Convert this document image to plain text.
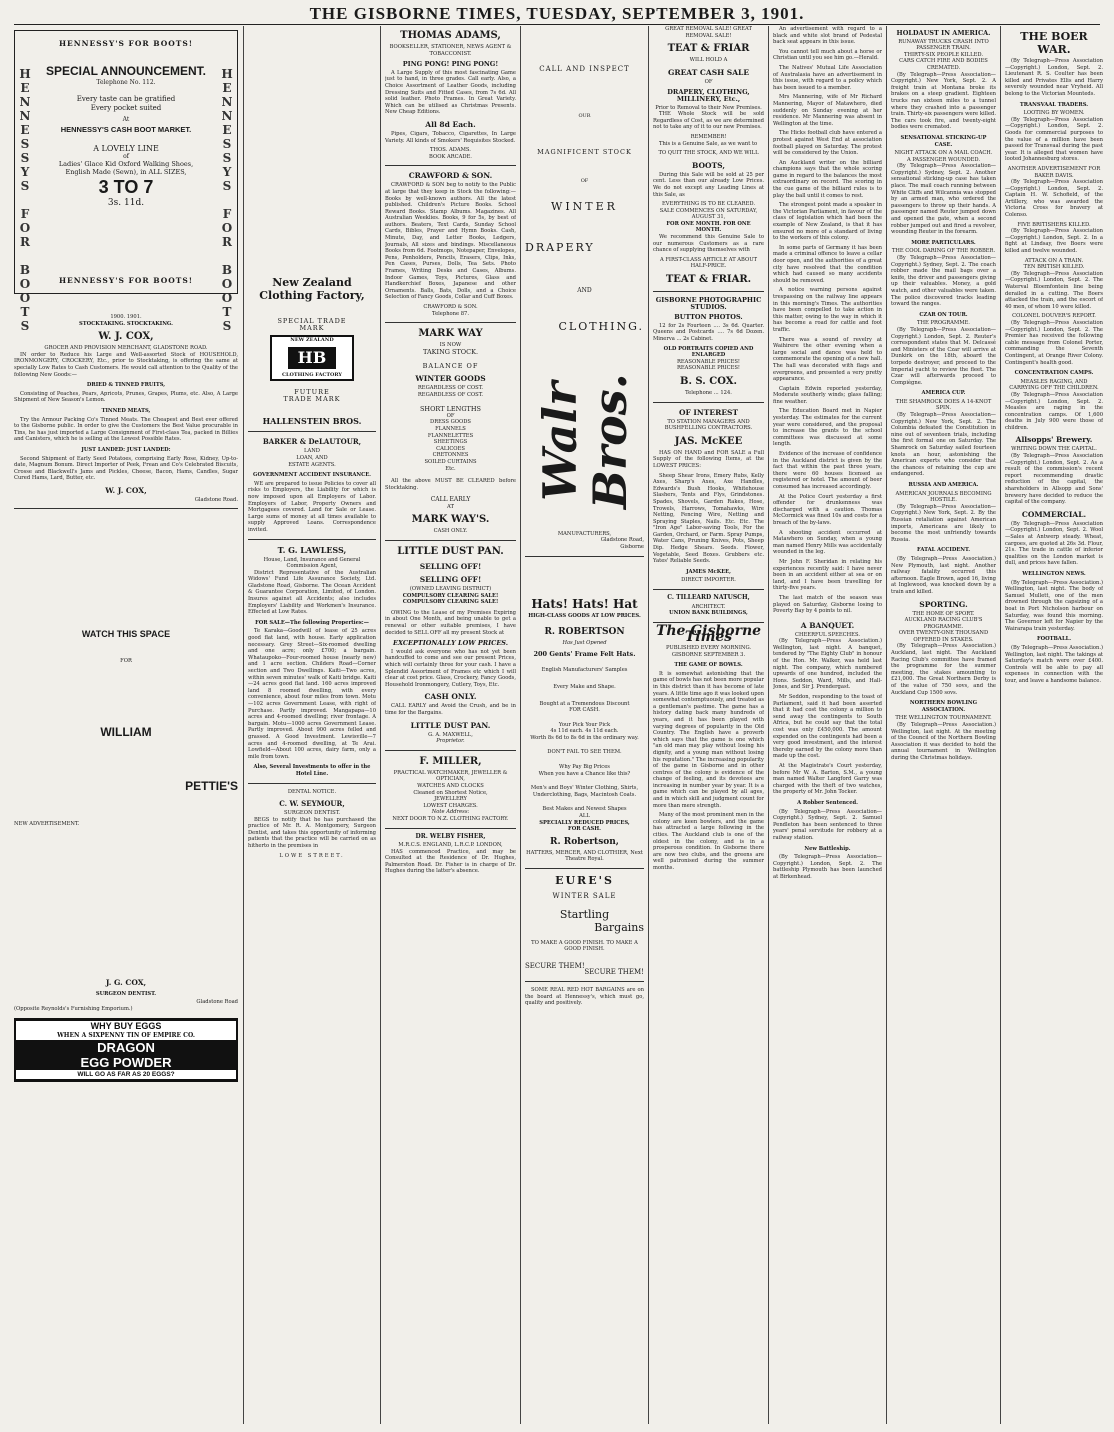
THE GISBORNE TIMES, TUESDAY, SEPTEMBER 3, 1901.
HENNESSY'S FOR BOOTS!
H E N N E S S Y S

F O R

B O O T S
H E N N E S S Y S

F O R

B O O T S
SPECIAL ANNOUNCEMENT.
Telephone No. 112.
Every taste can be gratified
Every pocket suited
At
HENNESSY'S CASH BOOT MARKET.
A LOVELY LINE
of
Ladies' Glace Kid Oxford Walking Shoes,
English Made (Sewn), in ALL SIZES,
3 TO 7
3s. 11d.
HENNESSY'S FOR BOOTS!
1900. 1901.
STOCKTAKING. STOCKTAKING.
W. J. COX,
GROCER AND PROVISION MERCHANT, GLADSTONE ROAD.

IN order to Reduce his Large and Well-assorted Stock of HOUSEHOLD, IRONMONGERY, CROCKERY, Etc., prior to Stocktaking, is offering the same at specially Low Rates to Cash Customers. He would call attention to the Quality of the following New Goods:—

DRIED & TINNED FRUITS,

Consisting of Peaches, Pears, Apricots, Prunes, Grapes, Plums, etc. Also, A Large Shipment of New Season's Lemon.

TINNED MEATS,

Try the Armour Packing Co's Tinned Meats. The Cheapest and Best ever offered to the Gisborne public. In order to give the Customers the Best Value procurable in Tins, he has just imported a Large Consignment of First-class Tea, packed in Billies and Canisters, which he is selling at the Lowest Possible Rates.

JUST LANDED: JUST LANDED:

Second Shipment of Early Seed Potatoes, comprising Early Rose, Kidney, Up-to-date, Magnum Bonum. Direct Importer of Peek, Frean and Co's Celebrated Biscuits, Crosse and Blackwell's Jams and Pickles, Cheese, Bacon, Hams, Candles, Sugar Cured Hams, Lard, Butter, etc.

W. J. COX,
Gladstone Road.
WATCH THIS SPACE
FOR
WILLIAM
PETTIE'S
NEW ADVERTISEMENT.
J. G. COX,
SURGEON DENTIST.
Gladstone Road
(Opposite Reynolds's Furnishing Emporium.)
WHY BUY EGGS
WHEN A SIXPENNY TIN OF EMPIRE CO.
DRAGON
EGG POWDER
WILL GO AS FAR AS 20 EGGS?
New Zealand Clothing Factory,
SPECIAL TRADE
MARK
NEW ZEALAND
HB
CLOTHING FACTORY
FUTURE
TRADE MARK
HALLENSTEIN BROS.
BARKER & DeLAUTOUR,
LAND
LOAN, AND
ESTATE AGENTS.
GOVERNMENT ACCIDENT INSURANCE.

WE are prepared to issue Policies to cover all risks to Employers, the Liability for which is now imposed upon all Employers of Labor. Employers of Labor, Property Owners and Mortgagees covered. Land for Sale or Lease. Large sums of money at all times available to supply Approved Loans. Correspondence invited.

T. G. LAWLESS,
House, Land, Insurance and General Commission Agent,

District Representative of the Australian Widows' Fund Life Assurance Society, Ltd. Gladstone Road, Gisborne. The Ocean Accident & Guarantee Corporation, Limited, of London. Insures against all Accidents; also includes Employers' Liability and Workmen's Insurance. Effected at Low Rates.

FOR SALE—The following Properties:—

Te Karaka—Goodwill of lease of 25 acres good flat land, with house. Early application necessary. Grey Street—Six-roomed dwelling and one acre; only £700; a bargain. Whataupoko—Four-roomed house (nearly new) and 1 acre section. Childers Road—Corner section and Two Dwellings. Kaiti—Two acres, within seven minutes' walk of Kaiti bridge. Kaiti—24 acres good flat land. 160 acres improved land 8 roomed dwelling, with every convenience, about four miles from town. Motu—102 acres Government Lease, with right of Purchase. Partly improved. Mangapapa—10 acres and 4-roomed dwelling; river frontage. A bargain. Motu—1000 acres Government Lease. Partly improved. About 900 acres felled and grassed. A Good Investment. Lewisville—7 acres and 4-roomed dwelling, at Te Arai. Lowfield—About 100 acres, dairy farm, only a mile from town.

Also, Several Investments to offer in the Hotel Line.
DENTAL NOTICE.
C. W. SEYMOUR,
SURGEON DENTIST.

BEGS to notify that he has purchased the practice of Mr. R. A. Montgomery, Surgeon Dentist, and takes this opportunity of informing patients that the practice will be carried on as hitherto in the premises in

LOWE STREET.
THOMAS ADAMS,
BOOKSELLER, STATIONER, NEWS AGENT & TOBACCONIST.
PING PONG! PING PONG!

A Large Supply of this most fascinating Game just to hand, in three grades. Call early. Also, a Choice Assortment of Leather Goods, including Dressing Suits and Fitted Cases, from 7s 6d. All solid leather. Photo Frames. In Great Variety. Which can be utilised as Christmas Presents. New Cheap Editions.

All 8d Each.

Pipes, Cigars, Tobacco, Cigarettes, In Large Variety. All kinds of Smokers' Requisites Stocked.

THOS. ADAMS.
BOOK ARCADE.
CRAWFORD & SON.

CRAWFORD & SON beg to notify to the Public at large that they keep in Stock the following:— Books by well-known authors. All the latest published. Children's Picture Books. School Reward Books. Stamp Albums. Magazines. All Australian Weeklies. Books, 9 for 5s, by best of authors. Beaters, Text Cards, Sunday School Cards, Bibles, Prayer and Hymn Books. Cash, Minute, Day, and Letter Books, Ledgers, Journals, All sizes and bindings. Miscellaneous Books from 6d. Footmops, Notepaper, Envelopes, Pens, Penholders, Pencils, Erasers, Clips, Inks, Pen Cases, Purses, Dolls, Tea Sets. Photo Frames, Writing Desks and Cases, Albums. Indoor Games, Toys, Pictures, Glass and Handkerchief Boxes, Japanese and other Ornaments. Balls, Bats, Dolls, and a Choice Selection of Fancy Goods, Collar and Cuff Boxes.

CRAWFORD & SON.
Telephone 87.
MARK WAY
IS NOW
TAKING STOCK.
BALANCE OF
WINTER GOODS
REGARDLESS OF COST.
REGARDLESS OF COST.
SHORT LENGTHS
OF
DRESS GOODS
FLANNELS
FLANNELETTES
SHEETINGS
CALICOES
CRETONNES
SOILED CURTAINS
Etc.

All the above MUST BE CLEARED before Stocktaking.

CALL EARLY
AT
MARK WAY'S.
CASH ONLY.
LITTLE DUST PAN.
SELLING OFF!
SELLING OFF!
(OWNED LEAVING DISTRICT)
COMPULSORY CLEARING SALE!
COMPULSORY CLEARING SALE!

OWING to the Lease of my Premises Expiring in about One Month, and being unable to get a renewal or other suitable premises, I have decided to SELL OFF all my present Stock at

EXCEPTIONALLY LOW PRICES.

I would ask everyone who has not yet been handcuffed to come and see our present Prices, which will certainly three for your cash. I have a Splendid Assortment of Frames etc which I will clear at cost price. Glass, Crockery, Fancy Goods, Household Ironmongery, Cutlery, Toys, Etc.

CASH ONLY.

CALL EARLY and Avoid the Crush, and be in time for the Bargains.

LITTLE DUST PAN.
G. A. MAXWELL,
Proprietor.
F. MILLER,
PRACTICAL WATCHMAKER, JEWELLER & OPTICIAN,
WATCHES AND CLOCKS
Cleaned on Shortest Notice,
JEWELLERY
LOWEST CHARGES.
Note Address:
NEXT DOOR TO N.Z. CLOTHING FACTORY.
DR. WELBY FISHER,
M.R.C.S. ENGLAND, L.R.C.P. LONDON,

HAS commenced Practice, and may be Consulted at the Residence of Dr. Hughes, Palmerston Road. Dr. Fisher is in charge of Dr. Hughes during the latter's absence.

CALL AND INSPECT
OUR
MAGNIFICENT STOCK
OF
WINTER
DRAPERY
AND
CLOTHING.
Walr Bros.
MANUFACTURERS,
Gladstone Road,
Gisborne
Hats! Hats! Hat
HIGH-CLASS GOODS AT LOW PRICES.
R. ROBERTSON
Has Just Opened
200 Gents' Frame Felt Hats.
English Manufacturers' Samples
Every Make and Shape.
Bought at a Tremendous Discount
FOR CASH.
Your Pick Your Pick
4s 11d each. 4s 11d each.
Worth 8s 6d to 8s 6d in the ordinary way.
DON'T FAIL TO SEE THEM.
Why Pay Big Prices
When you have a Chance like this?
Men's and Boys' Winter Clothing, Shirts, Underclothing, Bags, Macintosh Coats.
Best Makes and Newest Shapes
ALL
SPECIALLY REDUCED PRICES,
FOR CASH.
R. Robertson,
HATTERS, MERCER, AND CLOTHIER, Next Theatre Royal.
EURE'S
WINTER SALE
Startling
Bargains
TO MAKE A GOOD FINISH. TO MAKE A GOOD FINISH.
SECURE THEM!
SECURE THEM!

SOME REAL RED HOT BARGAINS are on the board at Hennessy's, which must go, quality and positively.

GREAT REMOVAL SALE! GREAT REMOVAL SALE!
TEAT & FRIAR
WILL HOLD A
GREAT CASH SALE
OF
DRAPERY, CLOTHING, MILLINERY, Etc.,
Prior to Removal to their New Premises.

THE Whole Stock will be sold Regardless of Cost, as we are determined not to take any of it to our new Premises.

REMEMBER!

This is a Genuine Sale, as we want to

TO QUIT THE STOCK, AND WE WILL
BOOTS,

During this Sale will be sold at 25 per cent. Less than our already Low Prices. We do not except any Leading Lines at this Sale, as

EVERYTHING IS TO BE CLEARED.
SALE COMMENCES ON SATURDAY, AUGUST 31,
FOR ONE MONTH. FOR ONE MONTH.

We recommend this Genuine Sale to our numerous Customers as a rare chance of supplying themselves with

A FIRST-CLASS ARTICLE AT ABOUT HALF-PRICE.
TEAT & FRIAR.
GISBORNE PHOTOGRAPHIC STUDIOS.
BUTTON PHOTOS.

12 for 2s Fourteen .... 3s 6d. Quarter. Queens and Postcards .... 7s 6d Dozen. Minerva ... 2s Cabinet.

OLD PORTRAITS COPIED AND ENLARGED
REASONABLE PRICES!
REASONABLE PRICES!
B. S. COX.
Telephone ... 124.
OF INTEREST
TO STATION MANAGERS AND BUSHFELLING CONTRACTORS.
JAS. McKEE

HAS ON HAND and FOR SALE a Full Supply of the following Items, at the LOWEST PRICES:

Sheep Shear Irons, Emery Rubs, Kelly Axes, Sharp's Axes, Axe Handles, Edwards's Bush Hooks, Whitehouse Slashers, Tents and Flys, Grindstones. Spades, Shovels, Garden Rakes, Hose, Trowels, Harrows, Tomahawks, Wire Netting, Fencing Wire, Netting and Spraying Staples, Nails. Etc. Etc. The "Iron Age" Labor-saving Tools, For the Garden, Orchard, or Farm. Spray Pumps, Water Cans, Pruning Knives, Pots, Sheep Dip. Hedge Shears. Seeds. Flower, Vegetable, Seed Boxes. Grubbers etc. Yates' Reliable Seeds.

JAMES McKEE,
DIRECT IMPORTER.
C. TILLEARD NATUSCH,
ARCHITECT.
UNION BANK BUILDINGS,
The Gisborne Times
PUBLISHED EVERY MORNING.
GISBORNE SEPTEMBER 3.
THE GAME OF BOWLS.

It is somewhat astonishing that the game of bowls has not been more popular in this district than it has become of late years. A little time ago it was looked upon somewhat contemptuously, and treated as a gentleman's pastime. The game has a history dating back many hundreds of years, and it has been played with varying degrees of popularity in the Old Country. The English have a proverb which says that the game is one which "an old man may play without losing his dignity, and a young man without losing his reputation." The increasing popularity of the game in Gisborne and in other centres of the colony is evidence of the change of feeling, and its devotees are increasing in number year by year. It is a game which can be played by all ages, and in which skill and judgment count for more than mere strength.

Many of the most prominent men in the colony are keen bowlers, and the game has attracted a large following in the cities. The Auckland club is one of the oldest in the colony, and is in a prosperous condition. In Gisborne there are now two clubs, and the greens are well patronised during the summer months.

An advertisement with regard to a black and white slot brand of Pedestal back seat appears in this issue.

You cannot tell much about a horse or Christian until you see him go.—Herald.

The Natives' Mutual Life Association of Australasia have an advertisement in this issue, with regard to a policy which has been issued to a member.

Mrs Mannering, wife of Mr Richard Mannering, Mayor of Matawhero, died suddenly on Sunday evening at her residence. Mr Mannering was absent in Wellington at the time.

The Hicks football club have entered a protest against West End at association football played on Saturday. The protest will be considered by the Union.

An Auckland writer on the billiard champions says that the whole scoring game in regard to the balances the most extraordinary on record. The scoring in the cue game of the billiard rules is to play the ball until it comes to rest.

The strongest point made a speaker in the Victorian Parliament, in favour of the class of legislation which had been the example of New Zealand, is that it has ensured no more of a standard of living to the workers of this colony.

In some parts of Germany it has been made a criminal offence to leave a cellar door open, and the authorities of a great city have resolved that the condition which had caused so many accidents should be removed.

A notice warning persons against trespassing on the railway line appears in this morning's Times. The authorities have been compelled to take action in this matter, owing to the way in which it has become a road for cattle and foot traffic.

There was a sound of revelry at Waihirere the other evening when a large social and dance was held to commemorate the opening of a new hall. The hall was decorated with flags and evergreens, and presented a very pretty appearance.

Captain Edwin reported yesterday, Moderate southerly winds; glass falling; fine weather.

The Education Board met in Napier yesterday. The estimates for the current year were considered, and the proposal to increase the grants to the school committees was discussed at some length.

Evidence of the increase of confidence in the Auckland district is given by the fact that within the past three years, there were 60 houses licensed as registered or hotel. The amount of beer consumed has increased accordingly.

At the Police Court yesterday a first offender for drunkenness was discharged with a caution. Thomas McCormick was fined 10s and costs for a breach of the by-laws.

A shooting accident occurred at Matawhero on Sunday, when a young man named Henry Mills was accidentally wounded in the leg.

Mr John F. Sheridan in relating his experiences recently said: I have never been in an accident either at sea or on land, and I have been travelling for thirty-five years.

The last match of the season was played on Saturday, Gisborne losing to Poverty Bay by 4 points to nil.

A BANQUET.
CHEERFUL SPEECHES.

(By Telegraph—Press Association.) Wellington, last night. A banquet, tendered by "The Eighty Club" in honour of the Hon. Mr. Walker, was held last night. The company, which numbered upwards of one hundred, included the Hons. Seddon, Ward, Mills, and Hall-Jones, and Sir J. Prendergast.

Mr Seddon, responding to the toast of Parliament, said it had been asserted that it had cost the colony a million to send away the contingents to South Africa, but he could say that the total cost was only £450,000. The amount expended on the contingents had been a very good investment, and the interest thereby earned by the colony more than made up the cost.

At the Magistrate's Court yesterday, before Mr W. A. Barton, S.M., a young man named Walter Langford Garry was charged with the theft of two watches, the property of Mr. John Tocker.

A Robber Sentenced.

(By Telegraph—Press Association—Copyright.) Sydney, Sept. 2. Samuel Pendleton has been sentenced to three years' penal servitude for robbery at a railway station.

New Battleship.

(By Telegraph—Press Association—Copyright.) London, Sept. 2. The battleship Plymouth has been launched at Birkenhead.

HOLDAUST IN AMERICA.
RUNAWAY TRUCKS CRASH INTO PASSENGER TRAIN.
THIRTY-SIX PEOPLE KILLED.
CARS CATCH FIRE AND BODIES CREMATED.

(By Telegraph—Press Association—Copyright.) New York, Sept. 2. A freight train at Montana broke its brakes on a steep gradient. Eighteen trucks ran sixteen miles to a tunnel where they crashed into a passenger train. Thirty-six passengers were killed. The cars took fire, and twenty-eight bodies were cremated.

SENSATIONAL STICKING-UP CASE.
NIGHT ATTACK ON A MAIL COACH.
A PASSENGER WOUNDED.

(By Telegraph—Press Association—Copyright.) Sydney, Sept. 2. Another sensational sticking-up case has taken place. The mail coach running between White Cliffs and Wilcannia was stopped by an armed man, who ordered the passengers to throw up their hands. A passenger named Reuter jumped down and opened the gate, when a second robber jumped out and fired a revolver, wounding Reuter in the forearm.

MORE PARTICULARS.
THE COOL DARING OF THE ROBBER.

(By Telegraph—Press Association—Copyright.) Sydney, Sept. 2. The coach robber made the mail bags over a knife, the driver and passengers giving up their valuables. Money, a gold watch, and other valuables were taken. The police discovered tracks leading toward the ranges.

CZAR ON TOUR.
THE PROGRAMME.

(By Telegraph—Press Association—Copyright.) London, Sept. 2. Reuter's correspondent states that M. Delcassé and Ministers of the Czar will arrive at Dunkirk on the 18th, aboard the torpedo destroyer, and proceed to the Imperial yacht to review the fleet. The Czar will afterwards proceed to Compiègne.

AMERICA CUP.
THE SHAMROCK DOES A 14-KNOT SPIN.

(By Telegraph—Press Association—Copyright.) New York, Sept. 2. The Columbia defeated the Constitution in nine out of seventeen trials, including the first formal one on Saturday. The Shamrock on Saturday sailed fourteen knots an hour, astonishing the American experts who consider that the chances of retaining the cup are endangered.

RUSSIA AND AMERICA.
AMERICAN JOURNALS BECOMING HOSTILE.

(By Telegraph—Press Association—Copyright.) New York, Sept. 2. By the Russian retaliation against American imports, Americans are likely to become the most unfriendly towards Russia.

FATAL ACCIDENT.

(By Telegraph—Press Association.) New Plymouth, last night. Another railway fatality occurred this afternoon. Eagle Brown, aged 16, living at Inglewood, was knocked down by a train and killed.

SPORTING.
THE HOME OF SPORT.
AUCKLAND RACING CLUB'S PROGRAMME.
OVER TWENTY-ONE THOUSAND OFFERED IN STAKES.

(By Telegraph—Press Association.) Auckland, last night. The Auckland Racing Club's committee have framed the programme for the summer meeting, the stakes amounting to £21,000. The Great Northern Derby is of the value of 750 sovs, and the Auckland Cup 1500 sovs.

NORTHERN BOWLING ASSOCIATION.
THE WELLINGTON TOURNAMENT.

(By Telegraph—Press Association.) Wellington, last night. At the meeting of the Council of the Northern Bowling Association it was decided to hold the annual tournament in Wellington during the Christmas holidays.

THE BOER WAR.

(By Telegraph—Press Association—Copyright.) London, Sept. 2. Lieutenant R. S. Coulter has been killed and Privates Ellis and Harry severely wounded near Vryheid. All belong to the Victorian Mounteds.

TRANSVAAL TRADERS.
LOOTING BY WOMEN.

(By Telegraph—Press Association—Copyright.) London, Sept. 2. Goods for commercial purposes to the value of a million have been passed for Transvaal during the past year. It is alleged that women have looted Johannesburg stores.

ANOTHER ADVERTISEMENT FOR BAKER DAVIS.

(By Telegraph—Press Association—Copyright.) London, Sept. 2. Captain H. W. Schofield, of the Artillery, who was awarded the Victoria Cross for bravery at Colenso.

FIVE BRITISHERS KILLED.

(By Telegraph—Press Association—Copyright.) London, Sept. 2. In a fight at Lindsay, five Boers were killed and twelve wounded.

ATTACK ON A TRAIN.
TEN BRITISH KILLED.

(By Telegraph—Press Association—Copyright.) London, Sept. 2. The Waterval Bloemfontein line being derailed in a cutting. The Boers attacked the train, and the escort of 40 men, of whom 10 were killed.

COLONEL DOUVER'S REPORT.

(By Telegraph—Press Association—Copyright.) London, Sept. 2. The Premier has received the following cable message from Colonel Porter, commanding the Seventh Contingent, at Orange River Colony. Contingent's health good.

CONCENTRATION CAMPS.
MEASLES RAGING, AND CARRYING OFF THE CHILDREN.

(By Telegraph—Press Association—Copyright.) London, Sept. 2. Measles are raging in the concentration camps. Of 1,600 deaths in July 900 were those of children.

Allsopps' Brewery.
WRITING DOWN THE CAPITAL.

(By Telegraph—Press Association—Copyright.) London, Sept. 2. As a result of the commission's recent report recommending drastic reduction of the capital, the shareholders in Allsopp and Sons' brewery have decided to reduce the capital of the company.

COMMERCIAL.

(By Telegraph—Press Association—Copyright.) London, Sept. 2. Wool—Sales at Antwerp steady. Wheat, cargoes, are quoted at 26s 3d. Flour, 21s. The trade in cattle of inferior qualities on the London market is dull, and prices have fallen.

WELLINGTON NEWS.

(By Telegraph—Press Association.) Wellington, last night. The body of Samuel Mullett, one of the men drowned through the capsizing of a boat in Port Nicholson harbour on Saturday, was found this morning. The Governor left for Napier by the Wairarapa train yesterday.

FOOTBALL.

(By Telegraph—Press Association.) Wellington, last night. The takings at Saturday's match were over £400. Controls will be able to pay all expenses in connection with the tour, and leave a handsome balance.
